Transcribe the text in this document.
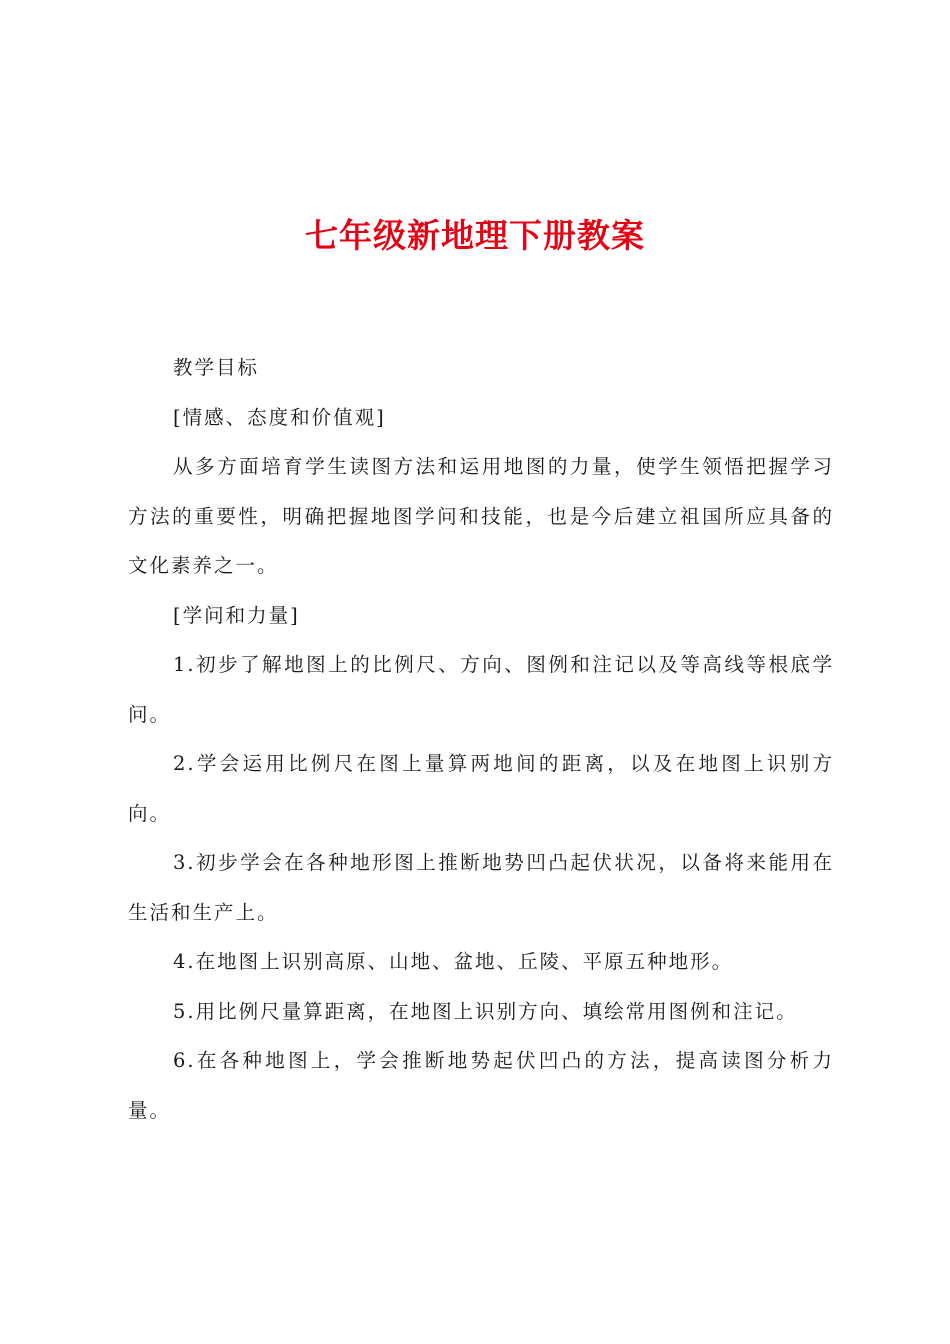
七年级新地理下册教案

教学目标

[情感、态度和价值观]

从多方面培育学生读图方法和运用地图的力量，使学生领悟把握学习方法的重要性，明确把握地图学问和技能，也是今后建立祖国所应具备的文化素养之一。

[学问和力量]

1.初步了解地图上的比例尺、方向、图例和注记以及等高线等根底学问。

2.学会运用比例尺在图上量算两地间的距离，以及在地图上识别方向。

3.初步学会在各种地形图上推断地势凹凸起伏状况，以备将来能用在生活和生产上。

4.在地图上识别高原、山地、盆地、丘陵、平原五种地形。

5.用比例尺量算距离，在地图上识别方向、填绘常用图例和注记。

6.在各种地图上，学会推断地势起伏凹凸的方法，提高读图分析力量。
